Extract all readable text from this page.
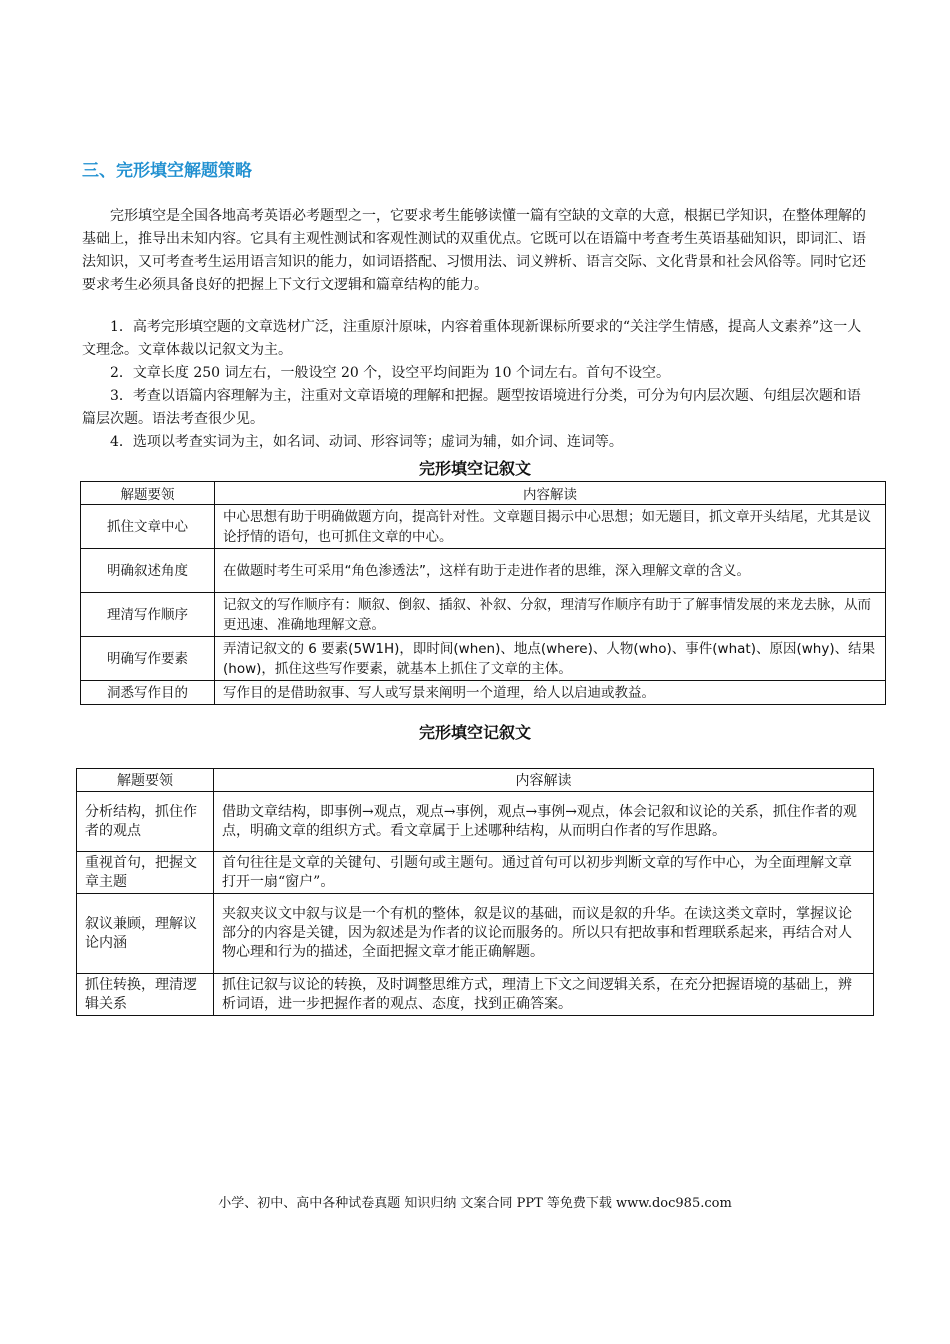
三、完形填空解题策略

完形填空是全国各地高考英语必考题型之一，它要求考生能够读懂一篇有空缺的文章的大意，根据已学知识，在整体理解的基础上，推导出未知内容。它具有主观性测试和客观性测试的双重优点。它既可以在语篇中考查考生英语基础知识，即词汇、语法知识，又可考查考生运用语言知识的能力，如词语搭配、习惯用法、词义辨析、语言交际、文化背景和社会风俗等。同时它还要求考生必须具备良好的把握上下文行文逻辑和篇章结构的能力。

1．高考完形填空题的文章选材广泛，注重原汁原味，内容着重体现新课标所要求的“关注学生情感，提高人文素养”这一人文理念。文章体裁以记叙文为主。

2．文章长度 250 词左右，一般设空 20 个，设空平均间距为 10 个词左右。首句不设空。

3．考查以语篇内容理解为主，注重对文章语境的理解和把握。题型按语境进行分类，可分为句内层次题、句组层次题和语篇层次题。语法考查很少见。

4．选项以考查实词为主，如名词、动词、形容词等；虚词为辅，如介词、连词等。

完形填空记叙文
解题要领	内容解读
抓住文章中心	中心思想有助于明确做题方向，提高针对性。文章题目揭示中心思想；如无题目，抓文章开头结尾，尤其是议论抒情的语句，也可抓住文章的中心。
明确叙述角度	在做题时考生可采用“角色渗透法”，这样有助于走进作者的思维，深入理解文章的含义。
理清写作顺序	记叙文的写作顺序有：顺叙、倒叙、插叙、补叙、分叙，理清写作顺序有助于了解事情发展的来龙去脉，从而更迅速、准确地理解文意。
明确写作要素	弄清记叙文的 6 要素(5W1H)，即时间(when)、地点(where)、人物(who)、事件(what)、原因(why)、结果(how)，抓住这些写作要素，就基本上抓住了文章的主体。
洞悉写作目的	写作目的是借助叙事、写人或写景来阐明一个道理，给人以启迪或教益。
完形填空记叙文
解题要领	内容解读
分析结构，抓住作者的观点	借助文章结构，即事例→观点，观点→事例，观点→事例→观点，体会记叙和议论的关系，抓住作者的观点，明确文章的组织方式。看文章属于上述哪种结构，从而明白作者的写作思路。
重视首句，把握文章主题	首句往往是文章的关键句、引题句或主题句。通过首句可以初步判断文章的写作中心，为全面理解文章打开一扇“窗户”。
叙议兼顾，理解议论内涵	夹叙夹议文中叙与议是一个有机的整体，叙是议的基础，而议是叙的升华。在读这类文章时，掌握议论部分的内容是关键，因为叙述是为作者的议论而服务的。所以只有把故事和哲理联系起来，再结合对人物心理和行为的描述，全面把握文章才能正确解题。
抓住转换，理清逻辑关系	抓住记叙与议论的转换，及时调整思维方式，理清上下文之间逻辑关系，在充分把握语境的基础上，辨析词语，进一步把握作者的观点、态度，找到正确答案。
小学、初中、高中各种试卷真题 知识归纳 文案合同 PPT 等免费下载 www.doc985.com
